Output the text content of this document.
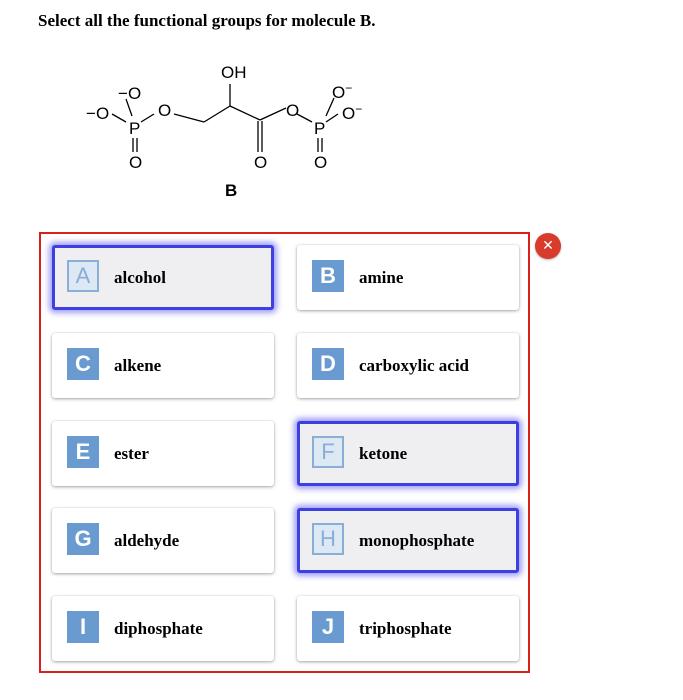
Select all the functional groups for molecule B.
−O
−O
P
O
O
OH
O
O
P
O
O−
O−
B
✕
A	alcohol	B	amine
C	alkene	D	carboxylic acid
E	ester	F	ketone
G	aldehyde	H	monophosphate
I	diphosphate	J	triphosphate
